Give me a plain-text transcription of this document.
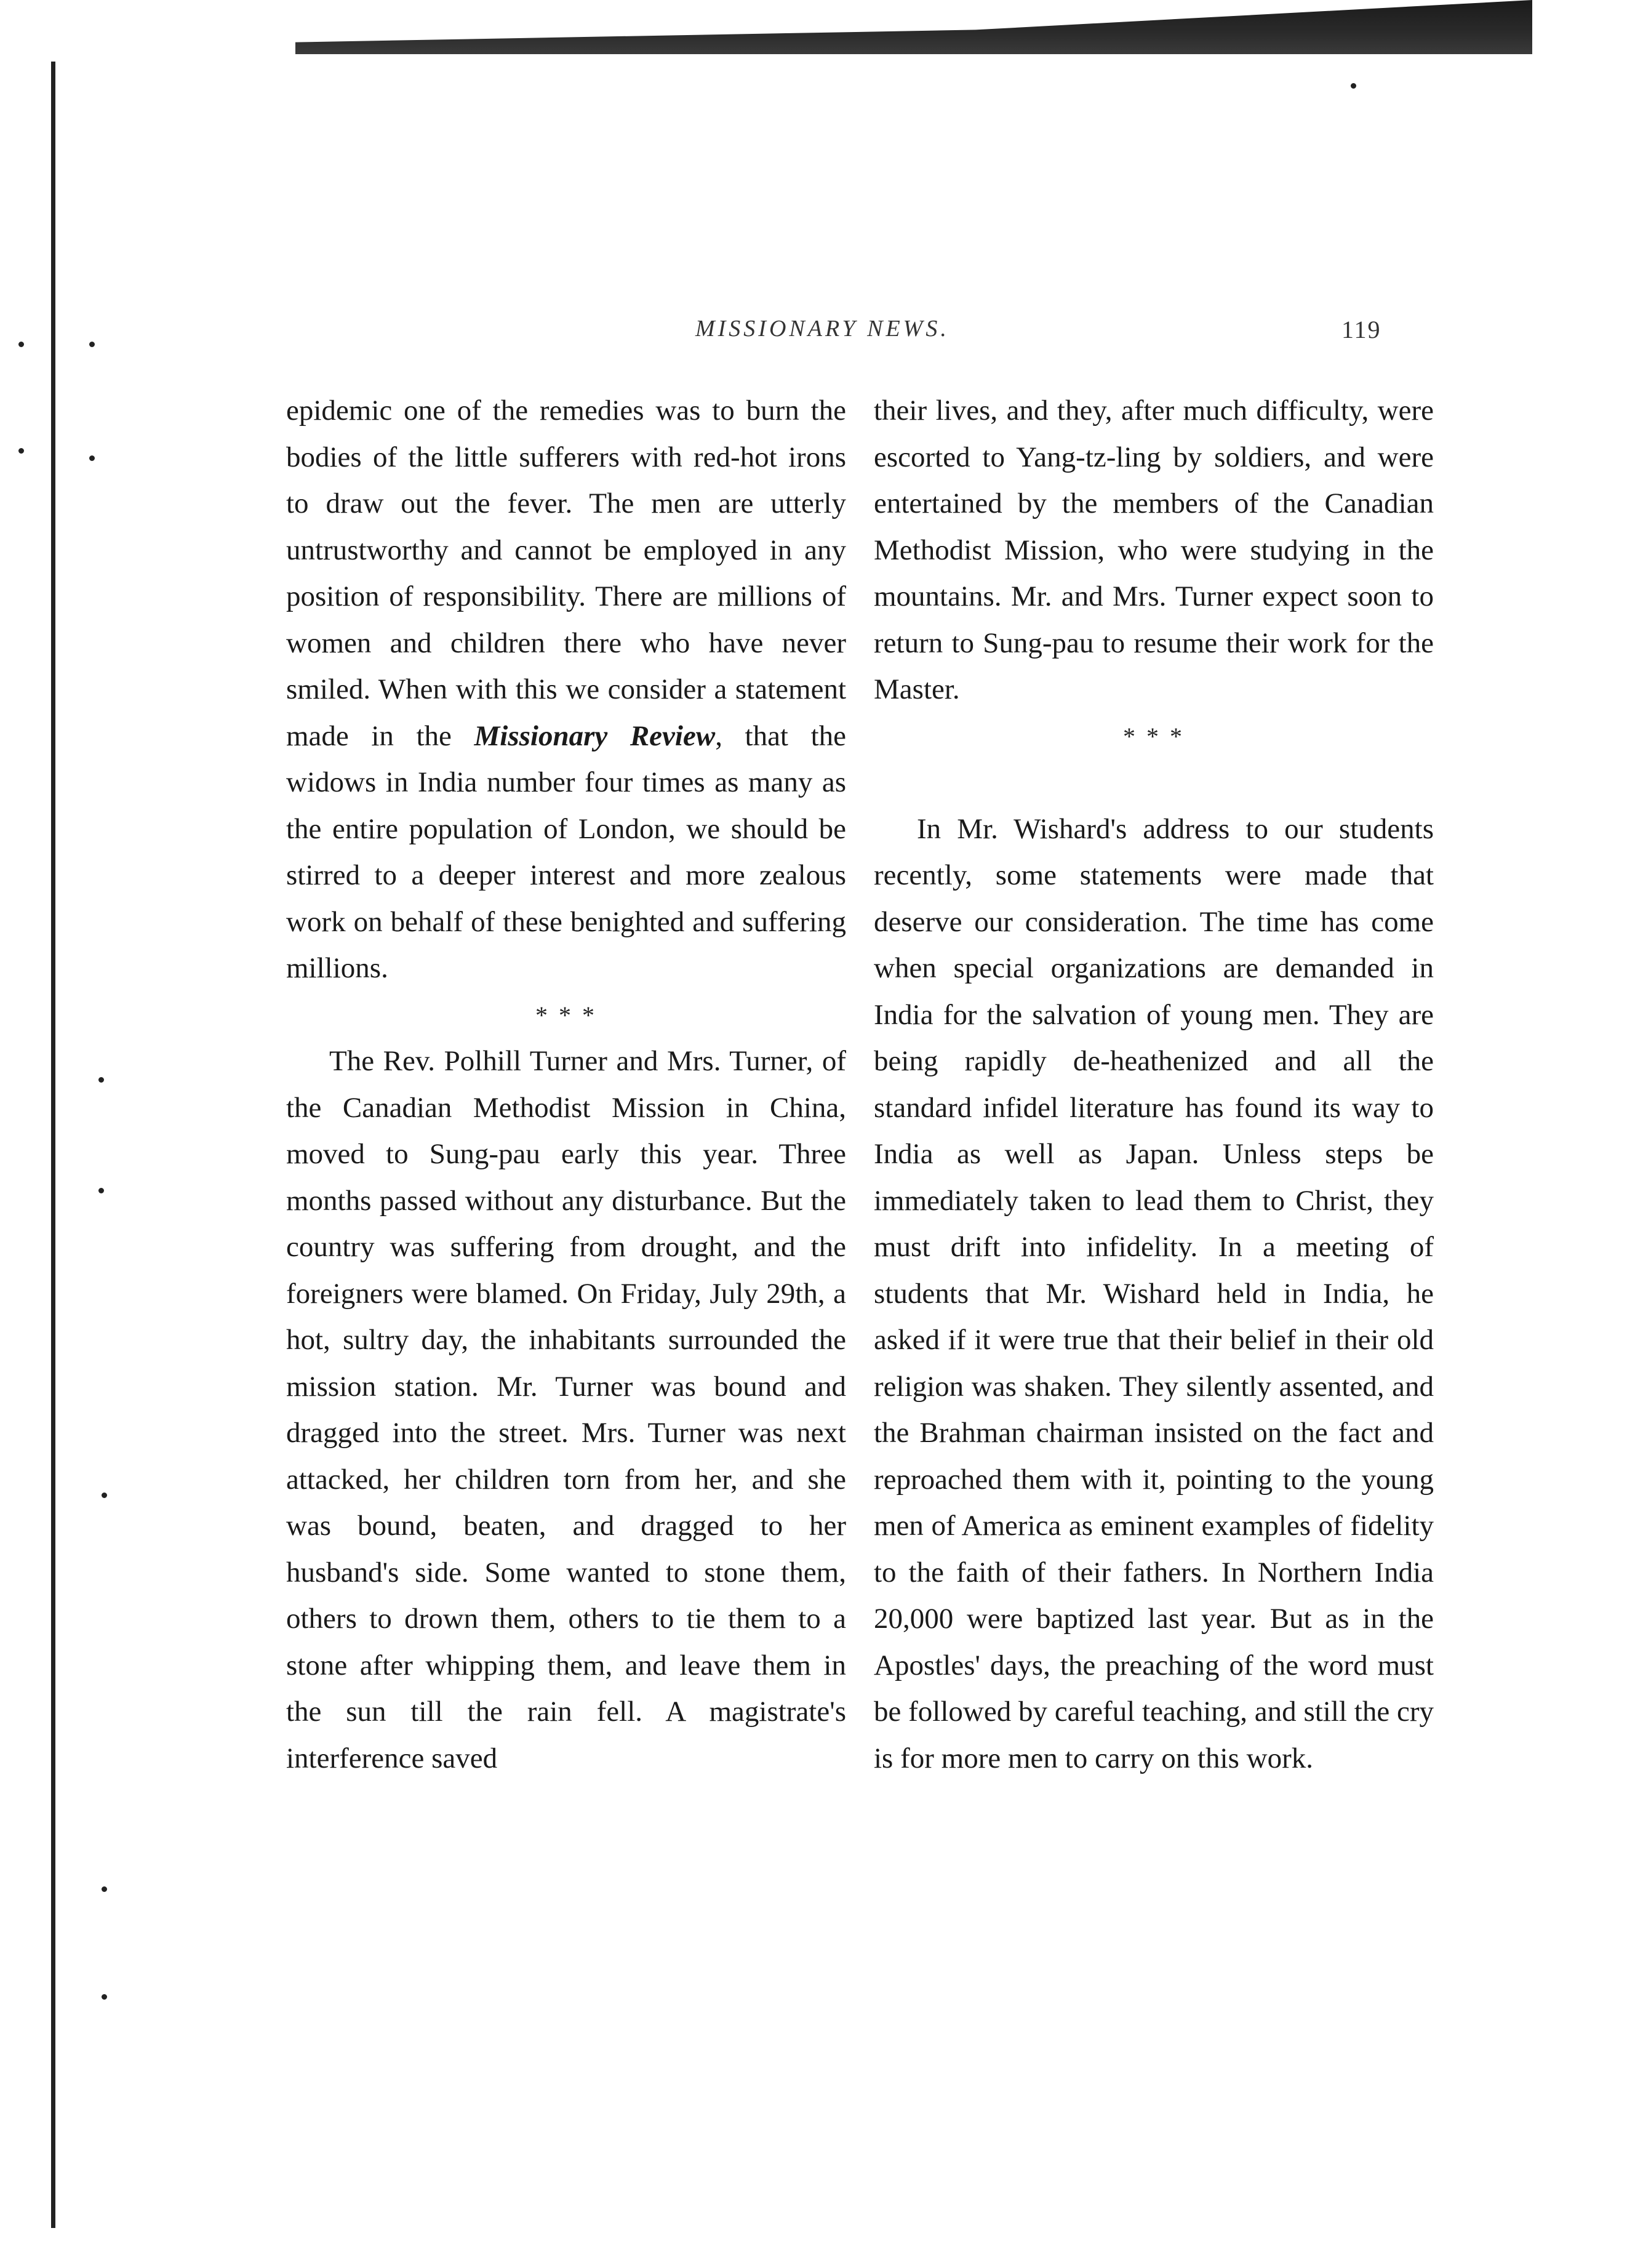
MISSIONARY NEWS.	119

epidemic one of the remedies was to burn the bodies of the little sufferers with red-hot irons to draw out the fever. The men are utterly untrustworthy and cannot be employed in any position of responsibility. There are millions of women and children there who have never smiled. When with this we consider a statement made in the Missionary Review, that the widows in India number four times as many as the entire population of London, we should be stirred to a deeper interest and more zealous work on behalf of these benighted and suffering millions.

* * *

The Rev. Polhill Turner and Mrs. Turner, of the Canadian Methodist Mission in China, moved to Sung-pau early this year. Three months passed without any disturbance. But the country was suffering from drought, and the foreigners were blamed. On Friday, July 29th, a hot, sultry day, the inhabitants surrounded the mission station. Mr. Turner was bound and dragged into the street. Mrs. Turner was next attacked, her children torn from her, and she was bound, beaten, and dragged to her husband's side. Some wanted to stone them, others to drown them, others to tie them to a stone after whipping them, and leave them in the sun till the rain fell. A magistrate's interference saved

their lives, and they, after much difficulty, were escorted to Yang-tz-ling by soldiers, and were entertained by the members of the Canadian Methodist Mission, who were studying in the mountains. Mr. and Mrs. Turner expect soon to return to Sung-pau to resume their work for the Master.

* * *

In Mr. Wishard's address to our students recently, some statements were made that deserve our consideration. The time has come when special organizations are demanded in India for the salvation of young men. They are being rapidly de-heathenized and all the standard infidel literature has found its way to India as well as Japan. Unless steps be immediately taken to lead them to Christ, they must drift into infidelity. In a meeting of students that Mr. Wishard held in India, he asked if it were true that their belief in their old religion was shaken. They silently assented, and the Brahman chairman insisted on the fact and reproached them with it, pointing to the young men of America as eminent examples of fidelity to the faith of their fathers. In Northern India 20,000 were baptized last year. But as in the Apostles' days, the preaching of the word must be followed by careful teaching, and still the cry is for more men to carry on this work.
